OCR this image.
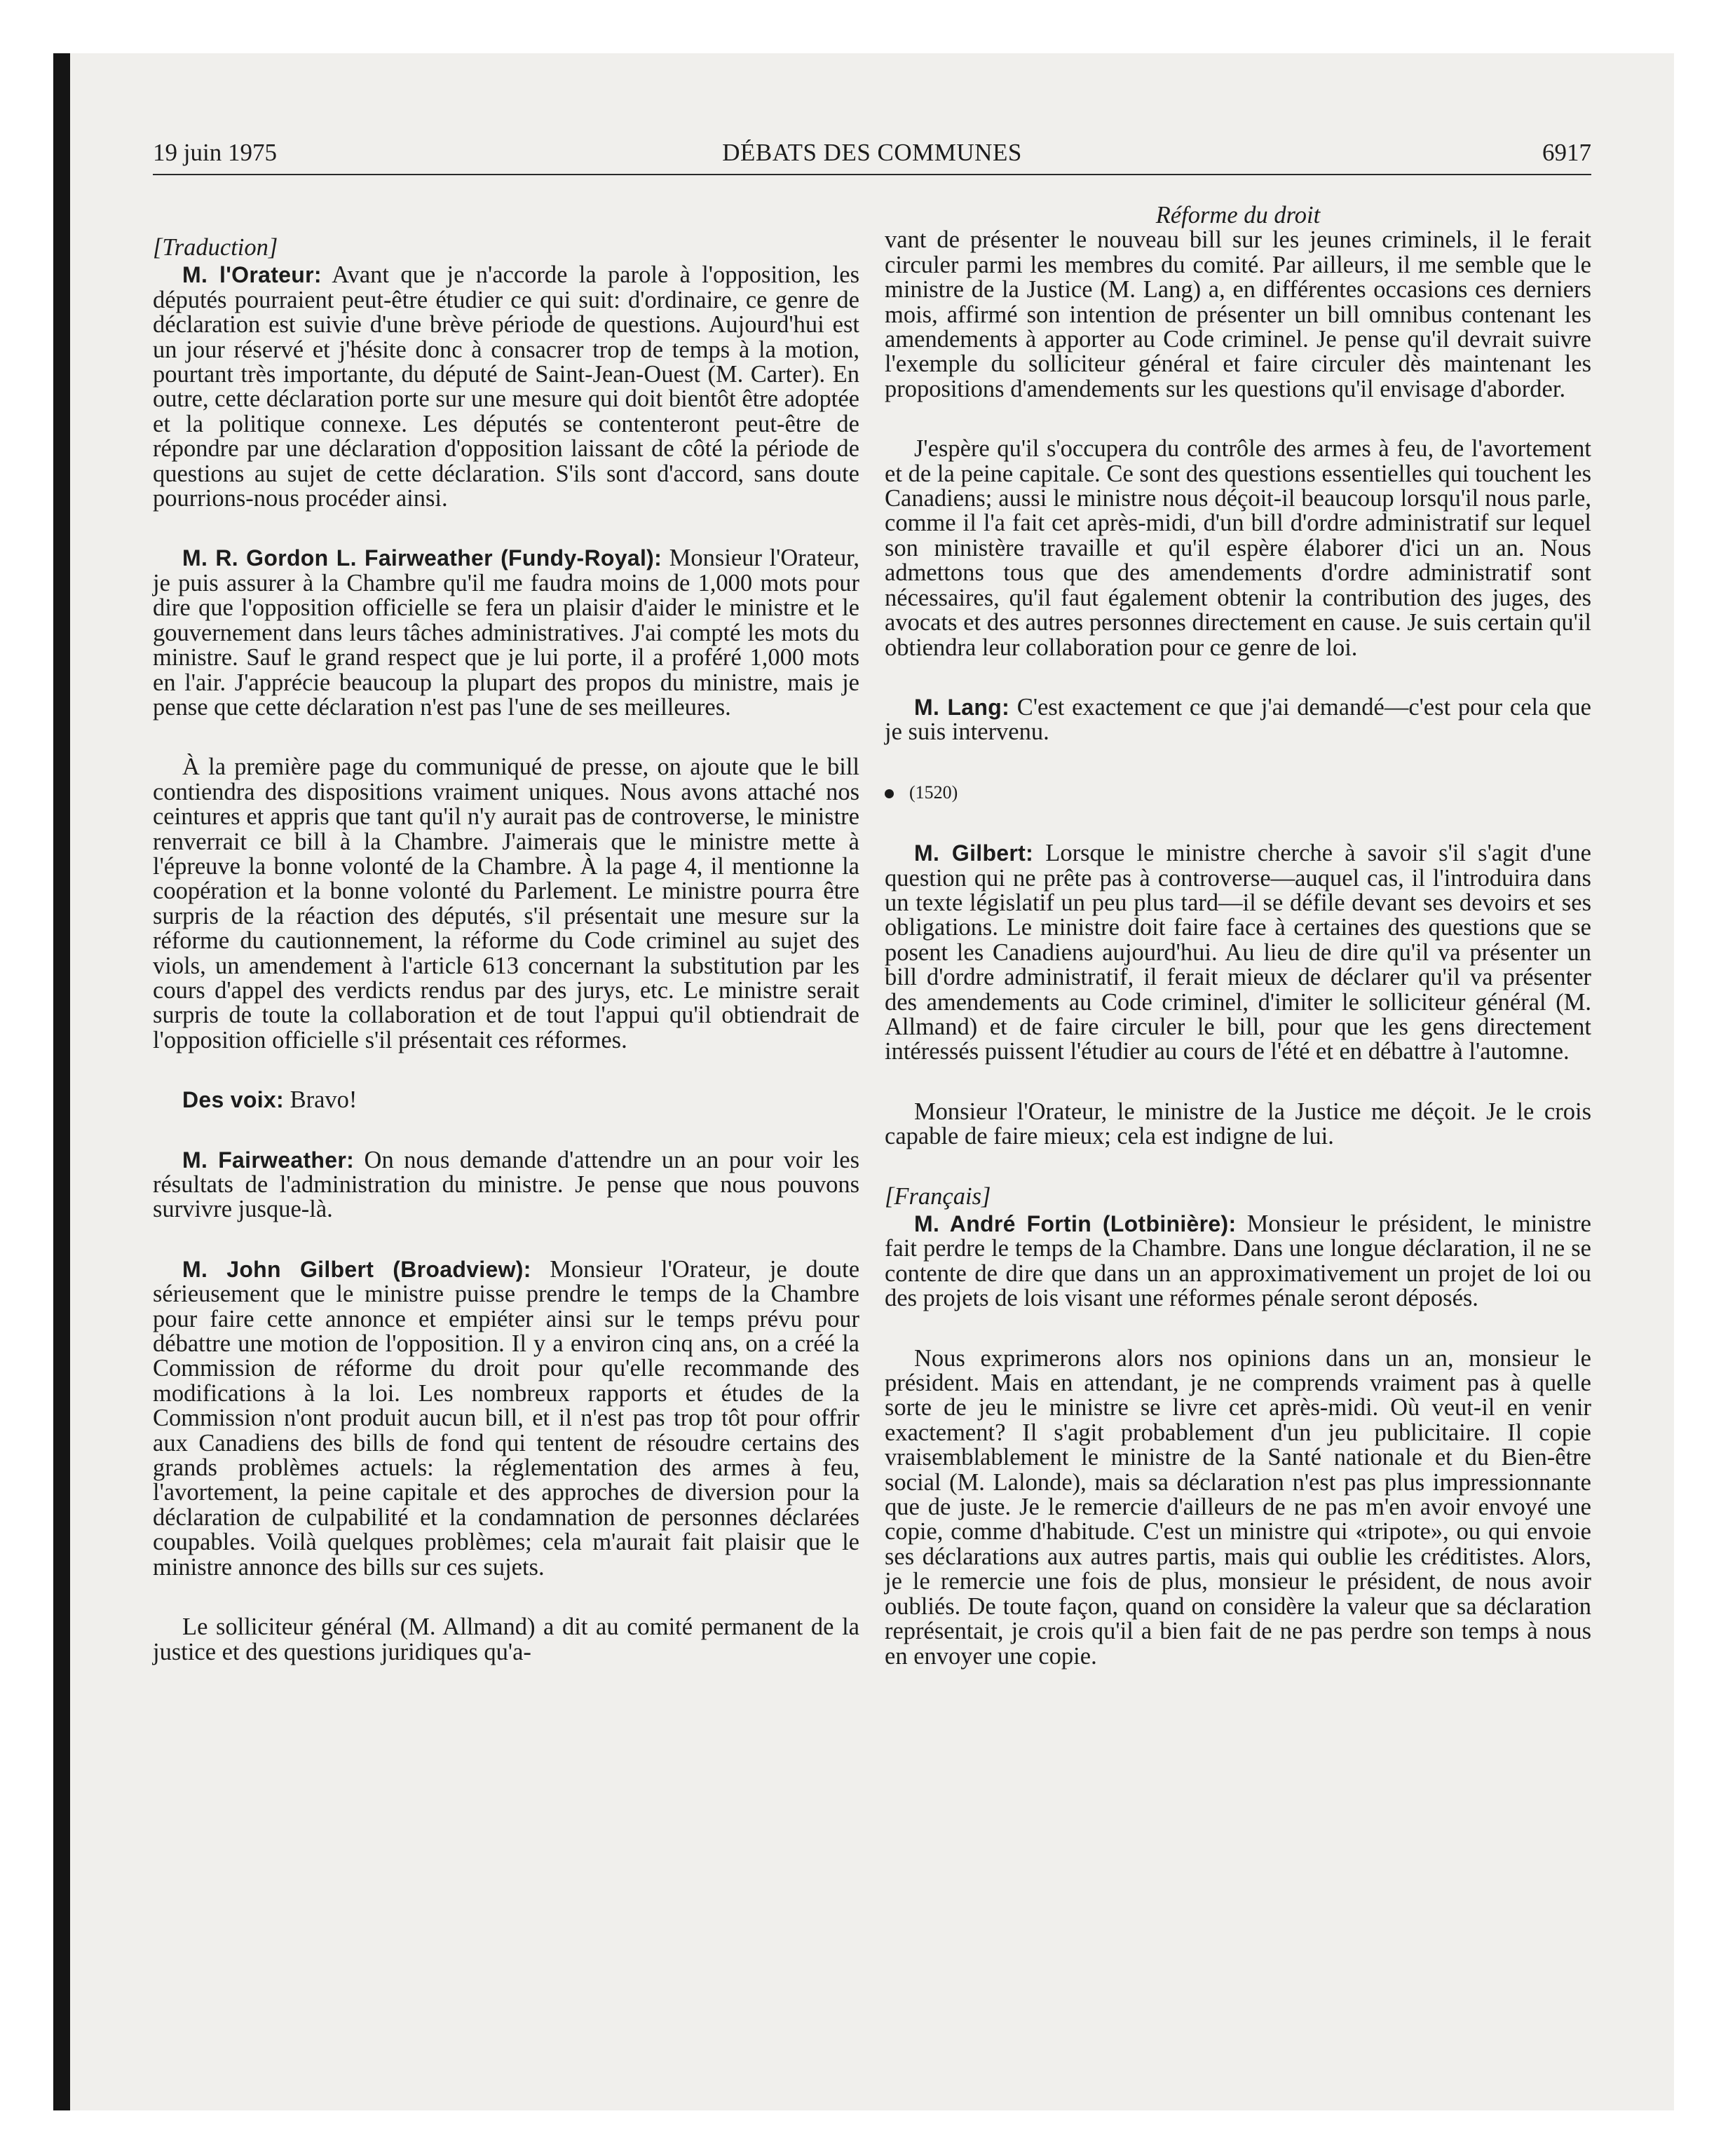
19 juin 1975	DÉBATS DES COMMUNES	6917
[Traduction]

M. l'Orateur: Avant que je n'accorde la parole à l'opposition, les députés pourraient peut-être étudier ce qui suit: d'ordinaire, ce genre de déclaration est suivie d'une brève période de questions. Aujourd'hui est un jour réservé et j'hésite donc à consacrer trop de temps à la motion, pourtant très importante, du député de Saint-Jean-Ouest (M. Carter). En outre, cette déclaration porte sur une mesure qui doit bientôt être adoptée et la politique connexe. Les députés se contenteront peut-être de répondre par une déclaration d'opposition laissant de côté la période de questions au sujet de cette déclaration. S'ils sont d'accord, sans doute pourrions-nous procéder ainsi.

M. R. Gordon L. Fairweather (Fundy-Royal): Monsieur l'Orateur, je puis assurer à la Chambre qu'il me faudra moins de 1,000 mots pour dire que l'opposition officielle se fera un plaisir d'aider le ministre et le gouvernement dans leurs tâches administratives. J'ai compté les mots du ministre. Sauf le grand respect que je lui porte, il a proféré 1,000 mots en l'air. J'apprécie beaucoup la plupart des propos du ministre, mais je pense que cette déclaration n'est pas l'une de ses meilleures.

À la première page du communiqué de presse, on ajoute que le bill contiendra des dispositions vraiment uniques. Nous avons attaché nos ceintures et appris que tant qu'il n'y aurait pas de controverse, le ministre renverrait ce bill à la Chambre. J'aimerais que le ministre mette à l'épreuve la bonne volonté de la Chambre. À la page 4, il mentionne la coopération et la bonne volonté du Parlement. Le ministre pourra être surpris de la réaction des députés, s'il présentait une mesure sur la réforme du cautionnement, la réforme du Code criminel au sujet des viols, un amendement à l'article 613 concernant la substitution par les cours d'appel des verdicts rendus par des jurys, etc. Le ministre serait surpris de toute la collaboration et de tout l'appui qu'il obtiendrait de l'opposition officielle s'il présentait ces réformes.

Des voix: Bravo!

M. Fairweather: On nous demande d'attendre un an pour voir les résultats de l'administration du ministre. Je pense que nous pouvons survivre jusque-là.

M. John Gilbert (Broadview): Monsieur l'Orateur, je doute sérieusement que le ministre puisse prendre le temps de la Chambre pour faire cette annonce et empiéter ainsi sur le temps prévu pour débattre une motion de l'opposition. Il y a environ cinq ans, on a créé la Commission de réforme du droit pour qu'elle recommande des modifications à la loi. Les nombreux rapports et études de la Commission n'ont produit aucun bill, et il n'est pas trop tôt pour offrir aux Canadiens des bills de fond qui tentent de résoudre certains des grands problèmes actuels: la réglementation des armes à feu, l'avortement, la peine capitale et des approches de diversion pour la déclaration de culpabilité et la condamnation de personnes déclarées coupables. Voilà quelques problèmes; cela m'aurait fait plaisir que le ministre annonce des bills sur ces sujets.

Le solliciteur général (M. Allmand) a dit au comité permanent de la justice et des questions juridiques qu'a-

Réforme du droit

vant de présenter le nouveau bill sur les jeunes criminels, il le ferait circuler parmi les membres du comité. Par ailleurs, il me semble que le ministre de la Justice (M. Lang) a, en différentes occasions ces derniers mois, affirmé son intention de présenter un bill omnibus contenant les amendements à apporter au Code criminel. Je pense qu'il devrait suivre l'exemple du solliciteur général et faire circuler dès maintenant les propositions d'amendements sur les questions qu'il envisage d'aborder.

J'espère qu'il s'occupera du contrôle des armes à feu, de l'avortement et de la peine capitale. Ce sont des questions essentielles qui touchent les Canadiens; aussi le ministre nous déçoit-il beaucoup lorsqu'il nous parle, comme il l'a fait cet après-midi, d'un bill d'ordre administratif sur lequel son ministère travaille et qu'il espère élaborer d'ici un an. Nous admettons tous que des amendements d'ordre administratif sont nécessaires, qu'il faut également obtenir la contribution des juges, des avocats et des autres personnes directement en cause. Je suis certain qu'il obtiendra leur collaboration pour ce genre de loi.

M. Lang: C'est exactement ce que j'ai demandé—c'est pour cela que je suis intervenu.

(1520)

M. Gilbert: Lorsque le ministre cherche à savoir s'il s'agit d'une question qui ne prête pas à controverse—auquel cas, il l'introduira dans un texte législatif un peu plus tard—il se défile devant ses devoirs et ses obligations. Le ministre doit faire face à certaines des questions que se posent les Canadiens aujourd'hui. Au lieu de dire qu'il va présenter un bill d'ordre administratif, il ferait mieux de déclarer qu'il va présenter des amendements au Code criminel, d'imiter le solliciteur général (M. Allmand) et de faire circuler le bill, pour que les gens directement intéressés puissent l'étudier au cours de l'été et en débattre à l'automne.

Monsieur l'Orateur, le ministre de la Justice me déçoit. Je le crois capable de faire mieux; cela est indigne de lui.

[Français]

M. André Fortin (Lotbinière): Monsieur le président, le ministre fait perdre le temps de la Chambre. Dans une longue déclaration, il ne se contente de dire que dans un an approximativement un projet de loi ou des projets de lois visant une réformes pénale seront déposés.

Nous exprimerons alors nos opinions dans un an, monsieur le président. Mais en attendant, je ne comprends vraiment pas à quelle sorte de jeu le ministre se livre cet après-midi. Où veut-il en venir exactement? Il s'agit probablement d'un jeu publicitaire. Il copie vraisemblablement le ministre de la Santé nationale et du Bien-être social (M. Lalonde), mais sa déclaration n'est pas plus impressionnante que de juste. Je le remercie d'ailleurs de ne pas m'en avoir envoyé une copie, comme d'habitude. C'est un ministre qui «tripote», ou qui envoie ses déclarations aux autres partis, mais qui oublie les créditistes. Alors, je le remercie une fois de plus, monsieur le président, de nous avoir oubliés. De toute façon, quand on considère la valeur que sa déclaration représentait, je crois qu'il a bien fait de ne pas perdre son temps à nous en envoyer une copie.
